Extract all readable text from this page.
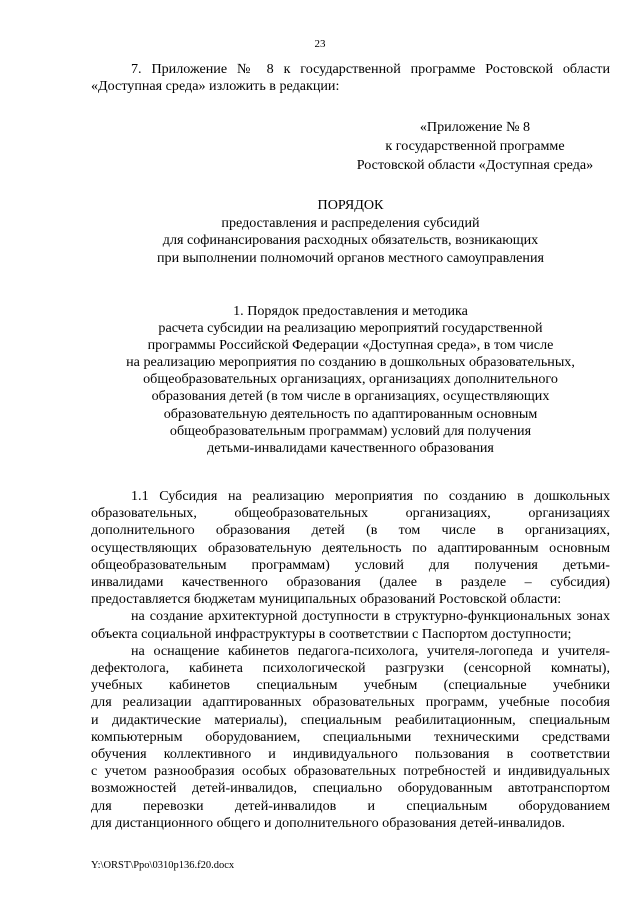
23
7. Приложение № 8 к государственной программе Ростовской области
«Доступная среда» изложить в редакции:
«Приложение № 8
к государственной программе
Ростовской области «Доступная среда»
ПОРЯДОК
предоставления и распределения субсидий
для софинансирования расходных обязательств, возникающих
при выполнении полномочий органов местного самоуправления
1. Порядок предоставления и методика
расчета субсидии на реализацию мероприятий государственной
программы Российской Федерации «Доступная среда», в том числе
на реализацию мероприятия по созданию в дошкольных образовательных,
общеобразовательных организациях, организациях дополнительного
образования детей (в том числе в организациях, осуществляющих
образовательную деятельность по адаптированным основным
общеобразовательным программам) условий для получения
детьми-инвалидами качественного образования
1.1 Субсидия на реализацию мероприятия по созданию в дошкольных
образовательных, общеобразовательных организациях, организациях
дополнительного образования детей (в том числе в организациях,
осуществляющих образовательную деятельность по адаптированным основным
общеобразовательным программам) условий для получения детьми-
инвалидами качественного образования (далее в разделе – субсидия)
предоставляется бюджетам муниципальных образований Ростовской области:
на создание архитектурной доступности в структурно-функциональных зонах
объекта социальной инфраструктуры в соответствии с Паспортом доступности;
на оснащение кабинетов педагога-психолога, учителя-логопеда и учителя-
дефектолога, кабинета психологической разгрузки (сенсорной комнаты),
учебных кабинетов специальным учебным (специальные учебники
для реализации адаптированных образовательных программ, учебные пособия
и дидактические материалы), специальным реабилитационным, специальным
компьютерным оборудованием, специальными техническими средствами
обучения коллективного и индивидуального пользования в соответствии
с учетом разнообразия особых образовательных потребностей и индивидуальных
возможностей детей-инвалидов, специально оборудованным автотранспортом
для перевозки детей-инвалидов и специальным оборудованием
для дистанционного общего и дополнительного образования детей-инвалидов.
Y:\ORST\Ppo\0310p136.f20.docx
